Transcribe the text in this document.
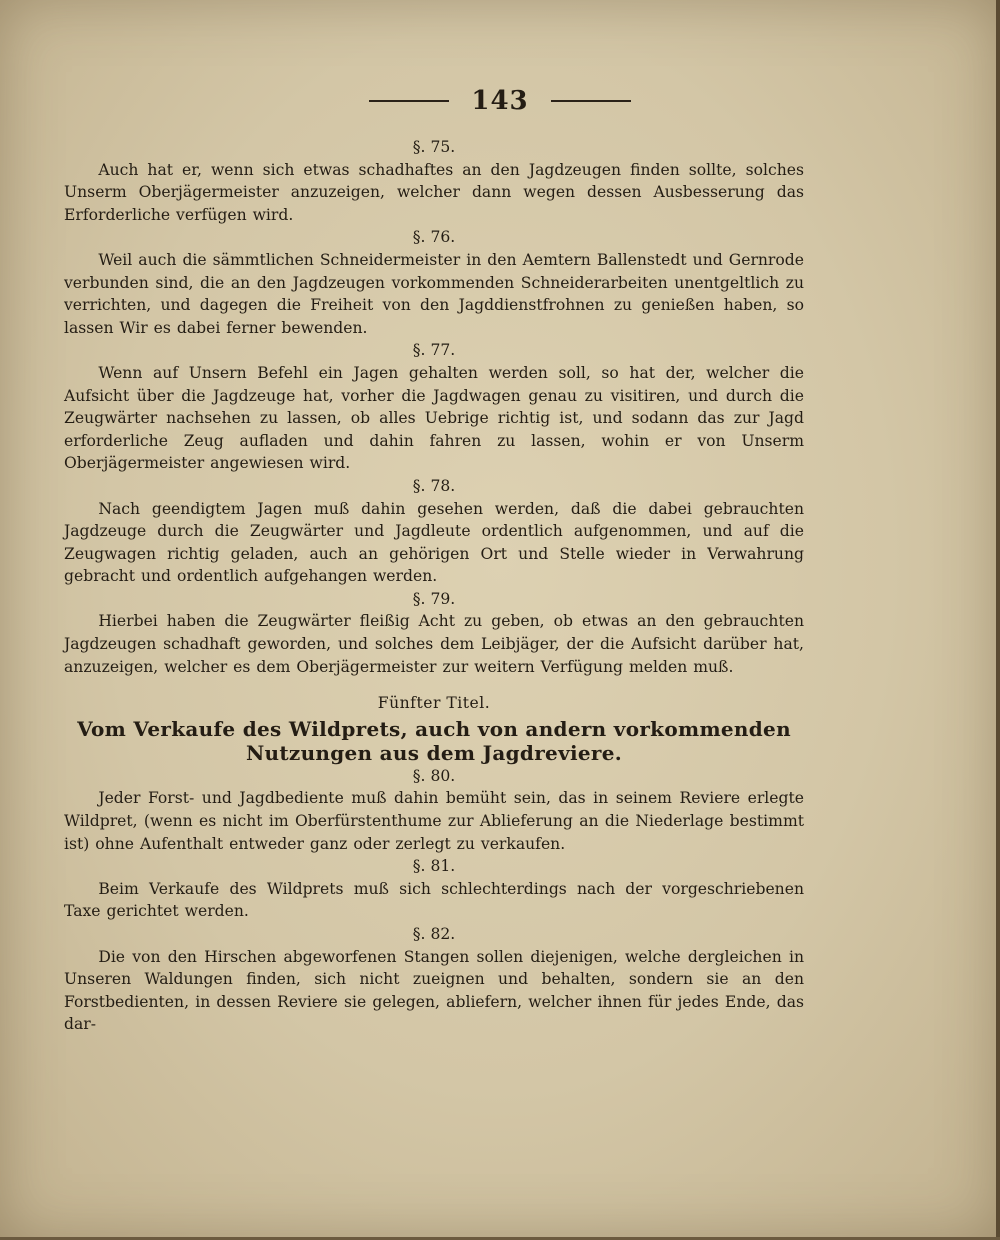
143

§. 75.

Auch hat er, wenn sich etwas schadhaftes an den Jagdzeugen finden sollte, solches Unserm Oberjägermeister anzuzeigen, welcher dann wegen dessen Ausbesserung das Erforderliche verfügen wird.

§. 76.

Weil auch die sämmtlichen Schneidermeister in den Aemtern Ballenstedt und Gernrode verbunden sind, die an den Jagdzeugen vorkommenden Schneiderarbeiten unentgeltlich zu verrichten, und dagegen die Freiheit von den Jagddienstfrohnen zu genießen haben, so lassen Wir es dabei ferner bewenden.

§. 77.

Wenn auf Unsern Befehl ein Jagen gehalten werden soll, so hat der, welcher die Aufsicht über die Jagdzeuge hat, vorher die Jagdwagen genau zu visitiren, und durch die Zeugwärter nachsehen zu lassen, ob alles Uebrige richtig ist, und sodann das zur Jagd erforderliche Zeug aufladen und dahin fahren zu lassen, wohin er von Unserm Oberjägermeister angewiesen wird.

§. 78.

Nach geendigtem Jagen muß dahin gesehen werden, daß die dabei gebrauchten Jagdzeuge durch die Zeugwärter und Jagdleute ordentlich aufgenommen, und auf die Zeugwagen richtig geladen, auch an gehörigen Ort und Stelle wieder in Verwahrung gebracht und ordentlich aufgehangen werden.

§. 79.

Hierbei haben die Zeugwärter fleißig Acht zu geben, ob etwas an den gebrauchten Jagdzeugen schadhaft geworden, und solches dem Leibjäger, der die Aufsicht darüber hat, anzuzeigen, welcher es dem Oberjägermeister zur weitern Verfügung melden muß.

Fünfter Titel.

Vom Verkaufe des Wildprets, auch von andern vorkommenden Nutzungen aus dem Jagdreviere.

§. 80.

Jeder Forst- und Jagdbediente muß dahin bemüht sein, das in seinem Reviere erlegte Wildpret, (wenn es nicht im Oberfürstenthume zur Ablieferung an die Niederlage bestimmt ist) ohne Aufenthalt entweder ganz oder zerlegt zu verkaufen.

§. 81.

Beim Verkaufe des Wildprets muß sich schlechterdings nach der vorgeschriebenen Taxe gerichtet werden.

§. 82.

Die von den Hirschen abgeworfenen Stangen sollen diejenigen, welche dergleichen in Unseren Waldungen finden, sich nicht zueignen und behalten, sondern sie an den Forstbedienten, in dessen Reviere sie gelegen, abliefern, welcher ihnen für jedes Ende, das dar-
